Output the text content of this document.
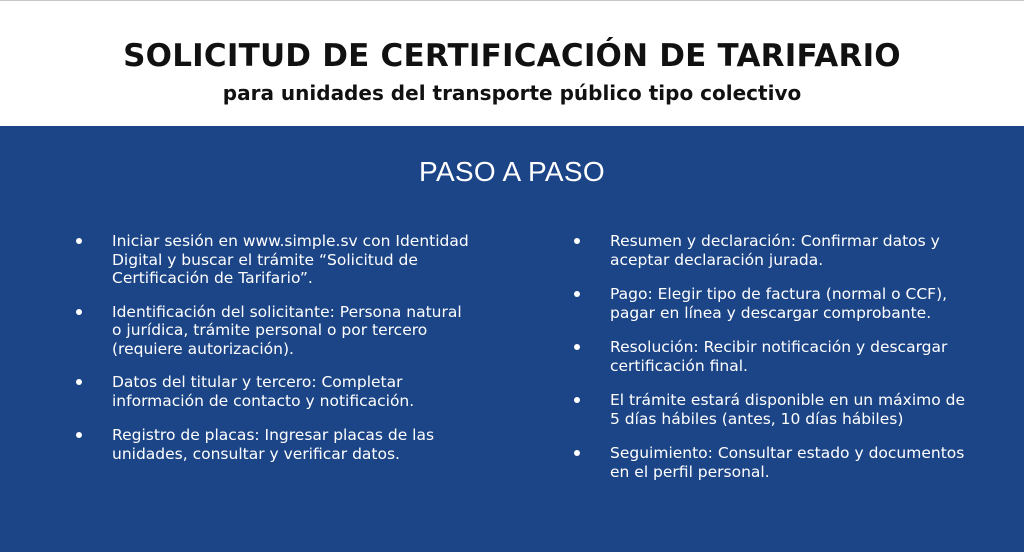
SOLICITUD DE CERTIFICACIÓN DE TARIFARIO
para unidades del transporte público tipo colectivo
PASO A PASO
Iniciar sesión en www.simple.sv con Identidad Digital y buscar el trámite “Solicitud de Certificación de Tarifario”.
Identificación del solicitante: Persona natural o jurídica, trámite personal o por tercero (requiere autorización).
Datos del titular y tercero: Completar información de contacto y notificación.
Registro de placas: Ingresar placas de las unidades, consultar y verificar datos.
Resumen y declaración: Confirmar datos y aceptar declaración jurada.
Pago: Elegir tipo de factura (normal o CCF), pagar en línea y descargar comprobante.
Resolución: Recibir notificación y descargar certificación final.
El trámite estará disponible en un máximo de 5 días hábiles (antes, 10 días hábiles)
Seguimiento: Consultar estado y documentos en el perfil personal.
